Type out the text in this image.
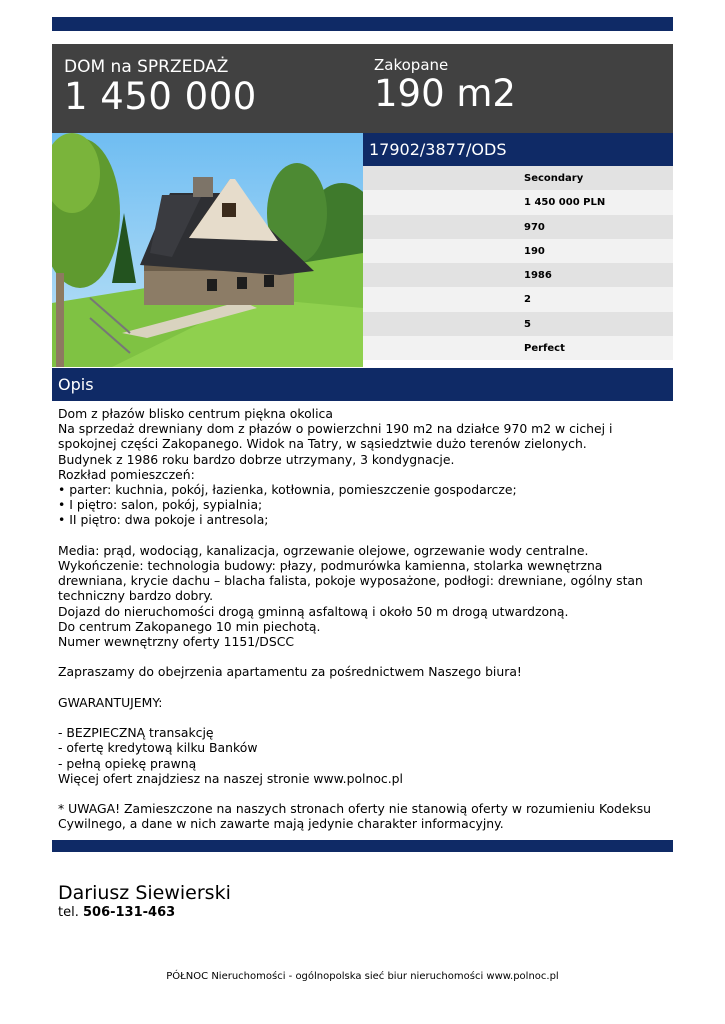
DOM na SPRZEDAŻ
1 450 000
Zakopane
190 m2
17902/3877/ODS
Secondary
1 450 000 PLN
970
190
1986
2
5
Perfect
Opis
Dom z płazów blisko centrum piękna okolica
Na sprzedaż drewniany dom z płazów o powierzchni 190 m2 na działce 970 m2 w cichej i spokojnej części Zakopanego. Widok na Tatry, w sąsiedztwie dużo terenów zielonych.
Budynek z 1986 roku bardzo dobrze utrzymany, 3 kondygnacje.
Rozkład pomieszczeń:
• parter: kuchnia, pokój, łazienka, kotłownia, pomieszczenie gospodarcze;
• I piętro: salon, pokój, sypialnia;
• II piętro: dwa pokoje i antresola;

Media: prąd, wodociąg, kanalizacja, ogrzewanie olejowe, ogrzewanie wody centralne.
Wykończenie: technologia budowy: płazy, podmurówka kamienna, stolarka wewnętrzna drewniana, krycie dachu – blacha falista, pokoje wyposażone, podłogi: drewniane, ogólny stan techniczny bardzo dobry.
Dojazd do nieruchomości drogą gminną asfaltową i około 50 m drogą utwardzoną.
Do centrum Zakopanego 10 min piechotą.
Numer wewnętrzny oferty 1151/DSCC

Zapraszamy do obejrzenia apartamentu za pośrednictwem Naszego biura!

GWARANTUJEMY:

- BEZPIECZNĄ transakcję
- ofertę kredytową kilku Banków
- pełną opiekę prawną
Więcej ofert znajdziesz na naszej stronie www.polnoc.pl

* UWAGA! Zamieszczone na naszych stronach oferty nie stanowią oferty w rozumieniu Kodeksu Cywilnego, a dane w nich zawarte mają jedynie charakter informacyjny.
Dariusz Siewierski
tel. 506-131-463
PÓŁNOC Nieruchomości - ogólnopolska sieć biur nieruchomości www.polnoc.pl
